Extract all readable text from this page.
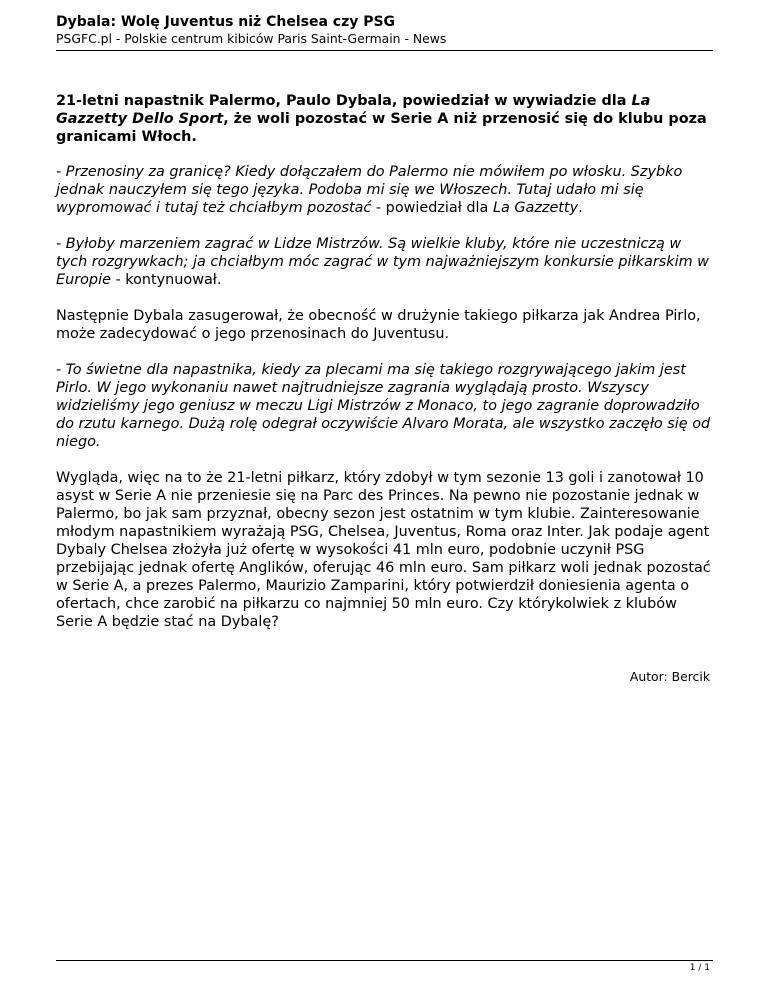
Dybala: Wolę Juventus niż Chelsea czy PSG

PSGFC.pl - Polskie centrum kibiców Paris Saint-Germain - News

21-letni napastnik Palermo, Paulo Dybala, powiedział w wywiadzie dla La Gazzetty Dello Sport, że woli pozostać w Serie A niż przenosić się do klubu poza granicami Włoch.

- Przenosiny za granicę? Kiedy dołączałem do Palermo nie mówiłem po włosku. Szybko jednak nauczyłem się tego języka. Podoba mi się we Włoszech. Tutaj udało mi się wypromować i tutaj też chciałbym pozostać - powiedział dla La Gazzetty.

- Byłoby marzeniem zagrać w Lidze Mistrzów. Są wielkie kluby, które nie uczestniczą w tych rozgrywkach; ja chciałbym móc zagrać w tym najważniejszym konkursie piłkarskim w Europie - kontynuował.

Następnie Dybala zasugerował, że obecność w drużynie takiego piłkarza jak Andrea Pirlo, może zadecydować o jego przenosinach do Juventusu.

- To świetne dla napastnika, kiedy za plecami ma się takiego rozgrywającego jakim jest Pirlo. W jego wykonaniu nawet najtrudniejsze zagrania wyglądają prosto. Wszyscy widzieliśmy jego geniusz w meczu Ligi Mistrzów z Monaco, to jego zagranie doprowadziło do rzutu karnego. Dużą rolę odegrał oczywiście Alvaro Morata, ale wszystko zaczęło się od niego.

Wygląda, więc na to że 21-letni piłkarz, który zdobył w tym sezonie 13 goli i zanotował 10 asyst w Serie A nie przeniesie się na Parc des Princes. Na pewno nie pozostanie jednak w Palermo, bo jak sam przyznał, obecny sezon jest ostatnim w tym klubie. Zainteresowanie młodym napastnikiem wyrażają PSG, Chelsea, Juventus, Roma oraz Inter. Jak podaje agent Dybaly Chelsea złożyła już ofertę w wysokości 41 mln euro, podobnie uczynił PSG przebijając jednak ofertę Anglików, oferując 46 mln euro. Sam piłkarz woli jednak pozostać w Serie A, a prezes Palermo, Maurizio Zamparini, który potwierdził doniesienia agenta o ofertach, chce zarobić na piłkarzu co najmniej 50 mln euro. Czy którykolwiek z klubów Serie A będzie stać na Dybalę?

Autor: Bercik
1 / 1
